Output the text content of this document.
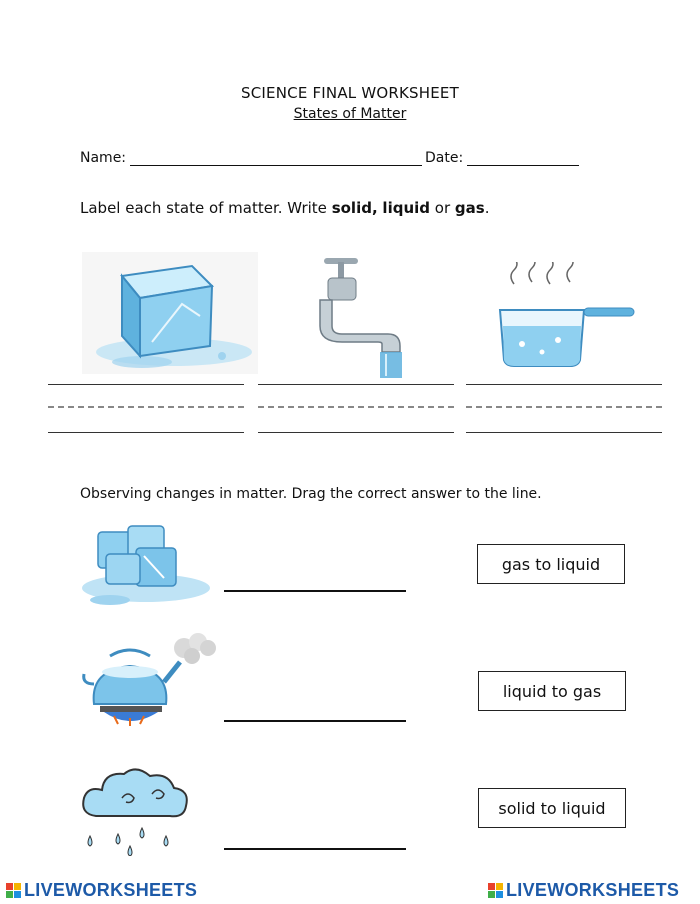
SCIENCE FINAL WORKSHEET
States of Matter
Name:	Date:
Label each state of matter. Write solid, liquid or gas.
Observing changes in matter. Drag the correct answer to the line.
gas to liquid
liquid to gas
solid to liquid
LIVEWORKSHEETS	LIVEWORKSHEETS
